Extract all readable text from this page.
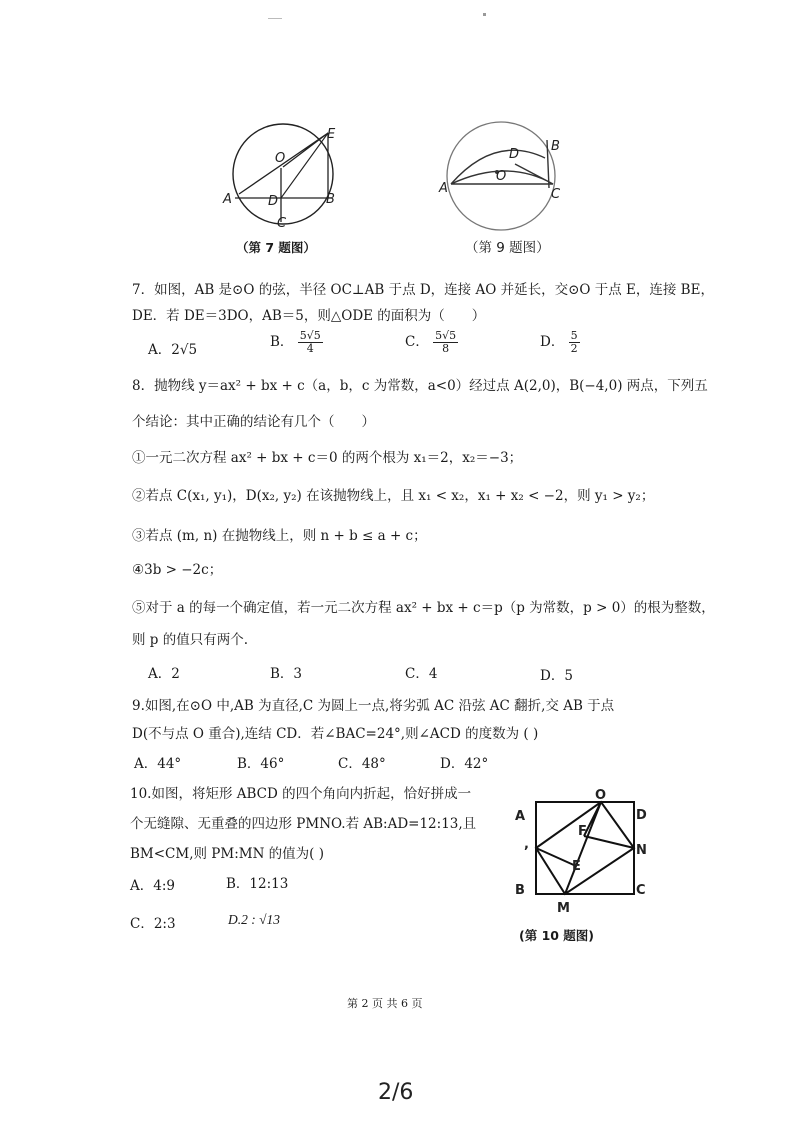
E
O
A	D	B
C
（第 7 题图）
B
D
O
A	C
（第 9 题图）
7．如图，AB 是⊙O 的弦，半径 OC⊥AB 于点 D，连接 AO 并延长，交⊙O 于点 E，连接 BE，
DE．若 DE＝3DO，AB＝5，则△ODE 的面积为（　　）
A．2√5	B． $\frac{5√5}{4}$	C． $\frac{5√5}{8}$	D． $\frac{5}{2}$
8．抛物线 y＝ax² + bx + c（a，b，c 为常数，a<0）经过点 A(2,0)，B(−4,0) 两点，下列五
个结论：其中正确的结论有几个（　　）
①一元二次方程 ax² + bx + c＝0 的两个根为 x₁＝2，x₂＝−3；
②若点 C(x₁, y₁)，D(x₂, y₂) 在该抛物线上，且 x₁ < x₂，x₁ + x₂ < −2，则 y₁ > y₂；
③若点 (m, n) 在抛物线上，则 n + b ≤ a + c；
④3b > −2c；
⑤对于 a 的每一个确定值，若一元二次方程 ax² + bx + c＝p（p 为常数，p > 0）的根为整数，
则 p 的值只有两个.
A．2	B．3	C．4	D．5
9.如图,在⊙O 中,AB 为直径,C 为圆上一点,将劣弧 AC 沿弦 AC 翻折,交 AB 于点
D(不与点 O 重合),连结 CD．若∠BAC=24°,则∠ACD 的度数为 ( )
A．44°	B．46°	C．48°	D．42°
10.如图，将矩形 ABCD 的四个角向内折起，恰好拼成一
个无缝隙、无重叠的四边形 PMNO.若 AB:AD=12:13,且
BM<CM,则 PM:MN 的值为( )
A．4:9	B．12:13
C．2:3	D.2 : √13
O
D
A
F
N
,
E
B
M
C
(第 10 题图)
第 2 页 共 6 页
2/6
